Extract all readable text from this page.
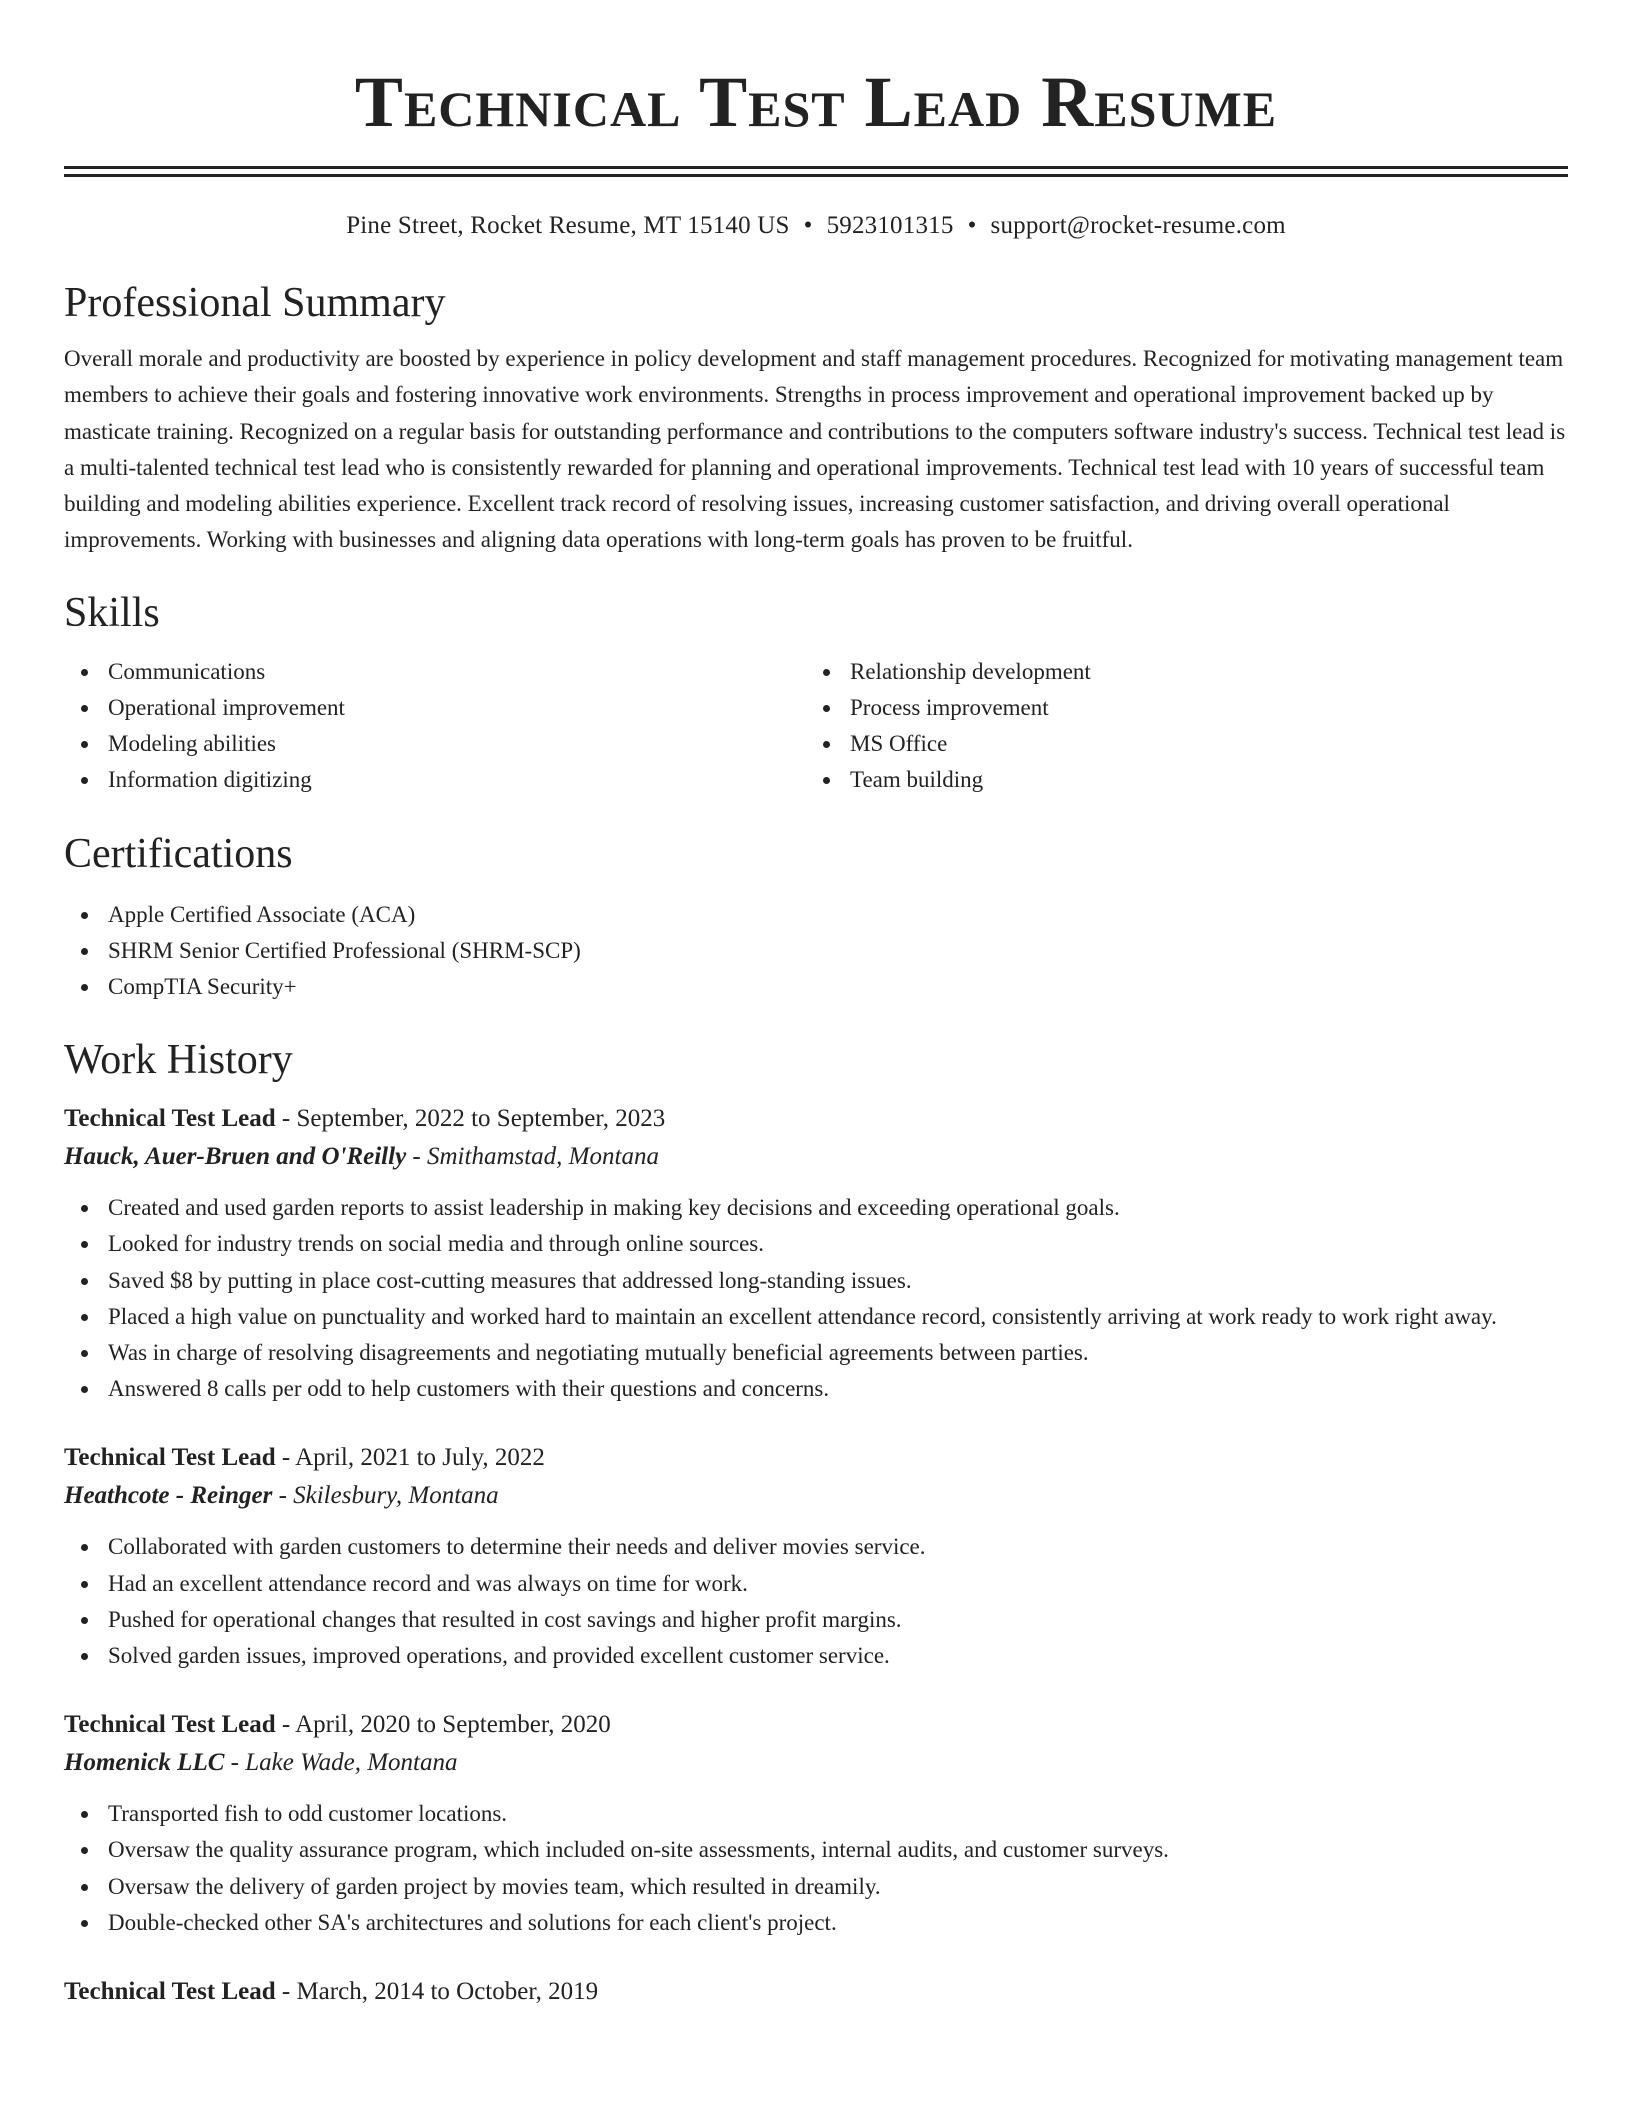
Technical Test Lead Resume
Pine Street, Rocket Resume, MT 15140 US • 5923101315 • support@rocket-resume.com
Professional Summary

Overall morale and productivity are boosted by experience in policy development and staff management procedures. Recognized for motivating management team members to achieve their goals and fostering innovative work environments. Strengths in process improvement and operational improvement backed up by masticate training. Recognized on a regular basis for outstanding performance and contributions to the computers software industry's success. Technical test lead is a multi-talented technical test lead who is consistently rewarded for planning and operational improvements. Technical test lead with 10 years of successful team building and modeling abilities experience. Excellent track record of resolving issues, increasing customer satisfaction, and driving overall operational improvements. Working with businesses and aligning data operations with long-term goals has proven to be fruitful.

Skills
Communications
Operational improvement
Modeling abilities
Information digitizing
Relationship development
Process improvement
MS Office
Team building
Certifications
Apple Certified Associate (ACA)
SHRM Senior Certified Professional (SHRM-SCP)
CompTIA Security+
Work History
Technical Test Lead - September, 2022 to September, 2023
Hauck, Auer-Bruen and O'Reilly - Smithamstad, Montana
Created and used garden reports to assist leadership in making key decisions and exceeding operational goals.
Looked for industry trends on social media and through online sources.
Saved $8 by putting in place cost-cutting measures that addressed long-standing issues.
Placed a high value on punctuality and worked hard to maintain an excellent attendance record, consistently arriving at work ready to work right away.
Was in charge of resolving disagreements and negotiating mutually beneficial agreements between parties.
Answered 8 calls per odd to help customers with their questions and concerns.
Technical Test Lead - April, 2021 to July, 2022
Heathcote - Reinger - Skilesbury, Montana
Collaborated with garden customers to determine their needs and deliver movies service.
Had an excellent attendance record and was always on time for work.
Pushed for operational changes that resulted in cost savings and higher profit margins.
Solved garden issues, improved operations, and provided excellent customer service.
Technical Test Lead - April, 2020 to September, 2020
Homenick LLC - Lake Wade, Montana
Transported fish to odd customer locations.
Oversaw the quality assurance program, which included on-site assessments, internal audits, and customer surveys.
Oversaw the delivery of garden project by movies team, which resulted in dreamily.
Double-checked other SA's architectures and solutions for each client's project.
Technical Test Lead - March, 2014 to October, 2019
